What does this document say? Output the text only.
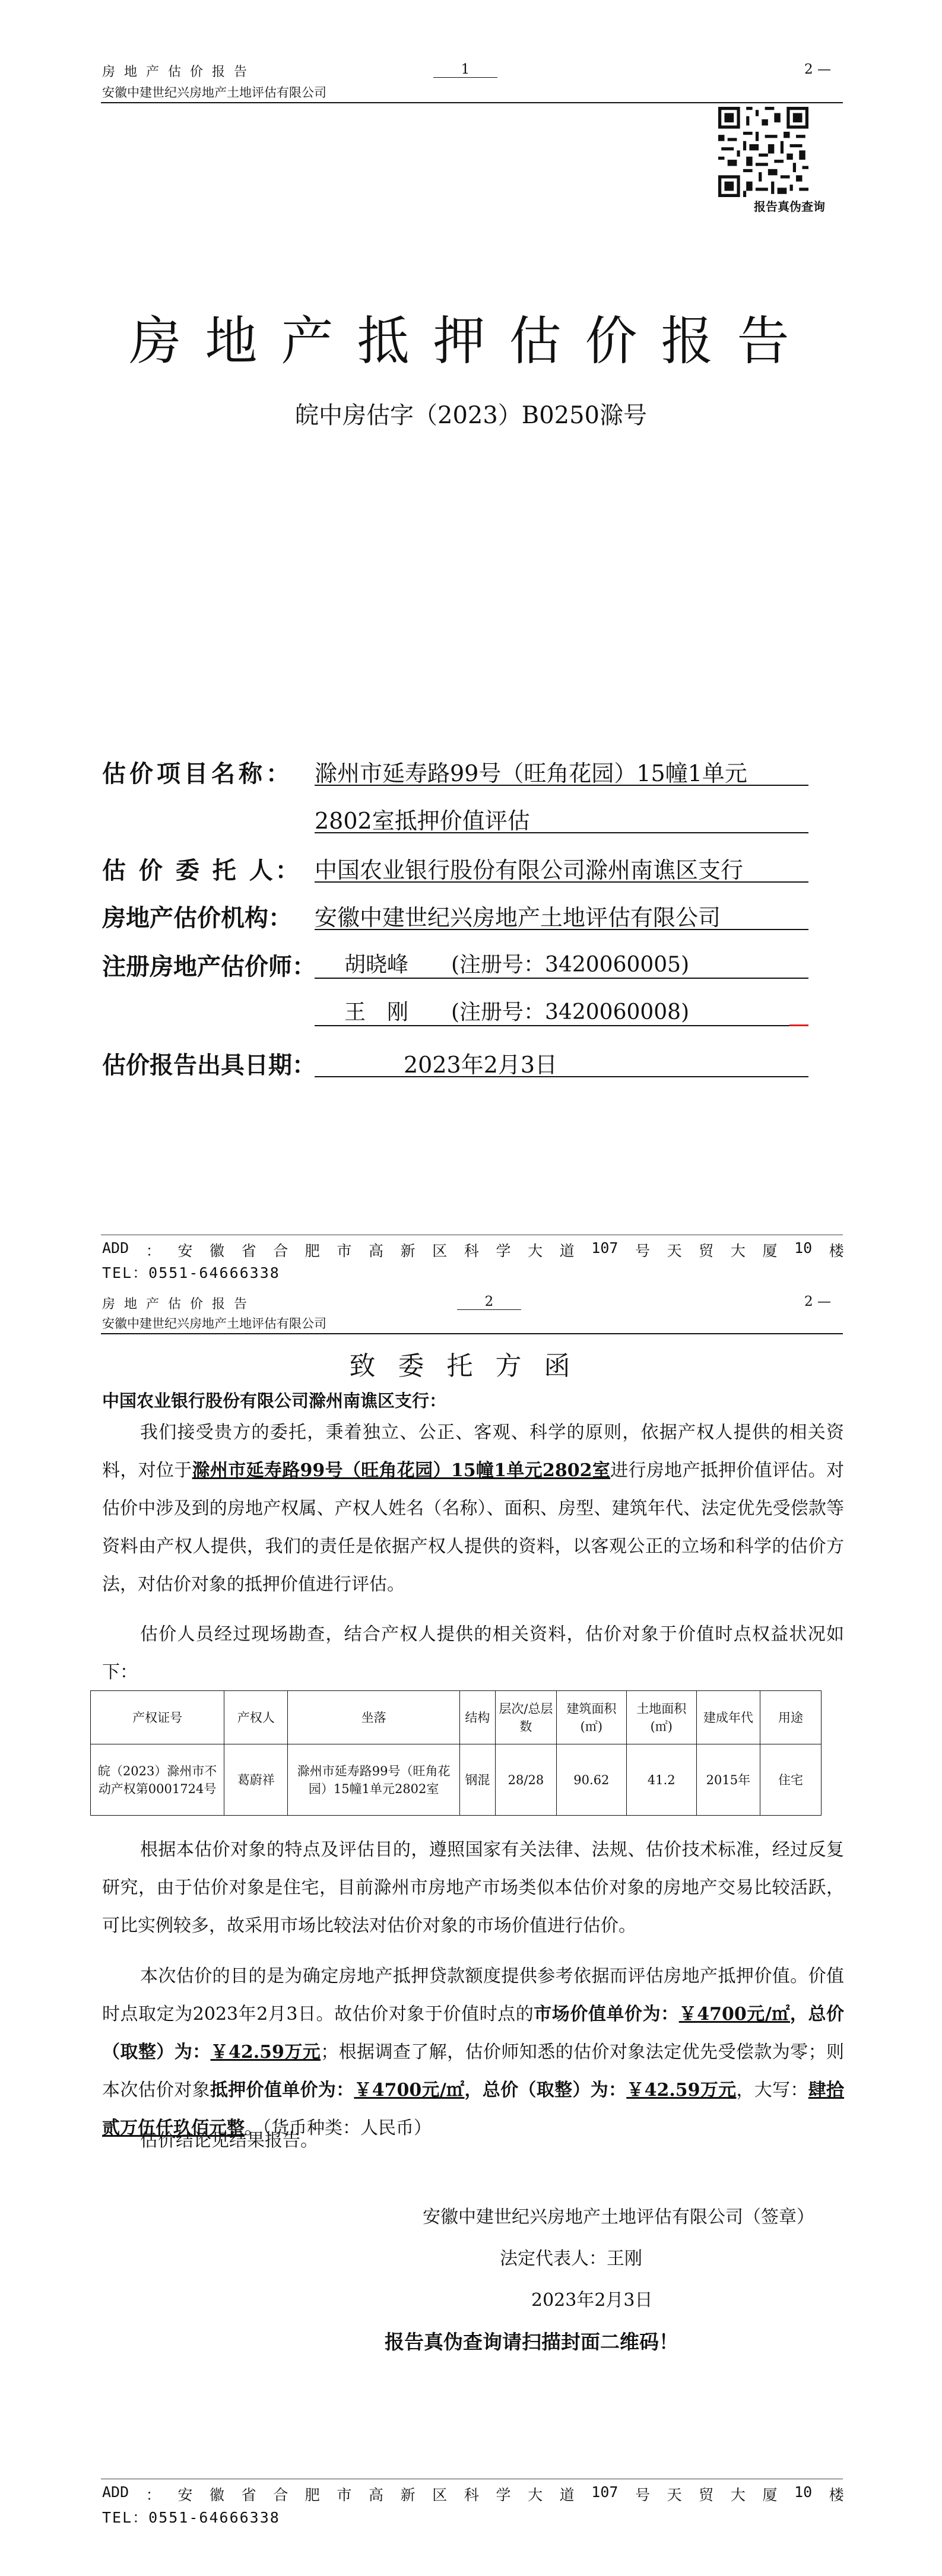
房地产估价报告	1	2 —
安徽中建世纪兴房地产土地评估有限公司
报告真伪查询
房地产抵押估价报告
皖中房估字（2023）B0250滁号
估价项目名称： 滁州市延寿路99号（旺角花园）15幢1单元
2802室抵押价值评估
估 价 委 托 人： 中国农业银行股份有限公司滁州南谯区支行
房地产估价机构： 安徽中建世纪兴房地产土地评估有限公司
注册房地产估价师： 胡晓峰　　(注册号：3420060005)
王　刚　　(注册号：3420060008)
估价报告出具日期：	2023年2月3日
ADD ： 安 徽 省 合 肥 市 高 新 区 科 学 大 道 107 号 天 贸 大 厦 10 楼
TEL：0551-64666338
房地产估价报告	2	2 —
安徽中建世纪兴房地产土地评估有限公司
致委托方函
中国农业银行股份有限公司滁州南谯区支行：
我们接受贵方的委托，秉着独立、公正、客观、科学的原则，依据产权人提供的相关资料，对位于滁州市延寿路99号（旺角花园）15幢1单元2802室进行房地产抵押价值评估。对估价中涉及到的房地产权属、产权人姓名（名称）、面积、房型、建筑年代、法定优先受偿款等资料由产权人提供，我们的责任是依据产权人提供的资料，以客观公正的立场和科学的估价方法，对估价对象的抵押价值进行评估。
估价人员经过现场勘查，结合产权人提供的相关资料，估价对象于价值时点权益状况如下：
产权证号	产权人	坐落	结构	层次/总层数	建筑面积(㎡)	土地面积(㎡)	建成年代	用途
皖（2023）滁州市不动产权第0001724号	葛蔚祥	滁州市延寿路99号（旺角花园）15幢1单元2802室	钢混	28/28	90.62	41.2	2015年	住宅
根据本估价对象的特点及评估目的，遵照国家有关法律、法规、估价技术标准，经过反复研究，由于估价对象是住宅，目前滁州市房地产市场类似本估价对象的房地产交易比较活跃，可比实例较多，故采用市场比较法对估价对象的市场价值进行估价。
本次估价的目的是为确定房地产抵押贷款额度提供参考依据而评估房地产抵押价值。价值时点取定为2023年2月3日。故估价对象于价值时点的市场价值单价为：￥4700元/㎡，总价（取整）为：￥42.59万元；根据调查了解，估价师知悉的估价对象法定优先受偿款为零；则本次估价对象抵押价值单价为：￥4700元/㎡，总价（取整）为：￥42.59万元，大写：肆拾贰万伍仟玖佰元整。（货币种类：人民币）
估价结论见结果报告。
安徽中建世纪兴房地产土地评估有限公司（签章）
法定代表人：王刚
2023年2月3日
报告真伪查询请扫描封面二维码！
ADD ： 安 徽 省 合 肥 市 高 新 区 科 学 大 道 107 号 天 贸 大 厦 10 楼
TEL：0551-64666338
